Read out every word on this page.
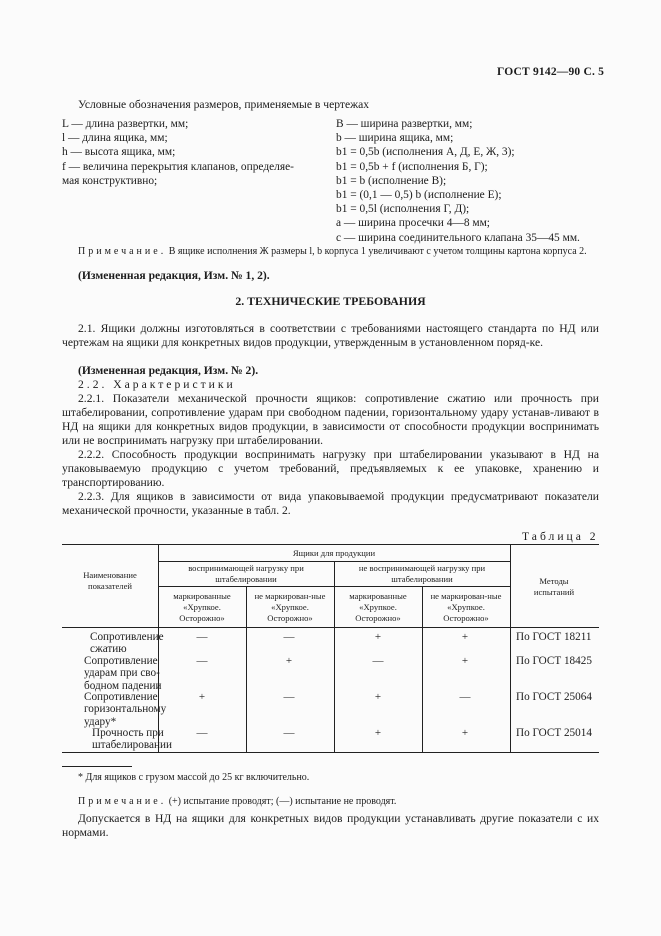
ГОСТ 9142—90 С. 5
Условные обозначения размеров, применяемые в чертежах
L — длина развертки, мм;
l — длина ящика, мм;
h — высота ящика, мм;
f — величина перекрытия клапанов, определяе-
мая конструктивно;
B — ширина развертки, мм;
b — ширина ящика, мм;
b1 = 0,5b (исполнения А, Д, Е, Ж, 3);
b1 = 0,5b + f (исполнения Б, Г);
b1 = b (исполнение В);
b1 = (0,1 — 0,5) b (исполнение Е);
b1 = 0,5l (исполнения Г, Д);
a — ширина просечки 4—8 мм;
c — ширина соединительного клапана 35—45 мм.
Примечание. В ящике исполнения Ж размеры l, b корпуса 1 увеличивают с учетом толщины картона корпуса 2.
(Измененная редакция, Изм. № 1, 2).
2. ТЕХНИЧЕСКИЕ ТРЕБОВАНИЯ
2.1. Ящики должны изготовляться в соответствии с требованиями настоящего стандарта по НД или чертежам на ящики для конкретных видов продукции, утвержденным в установленном поряд-ке.
(Измененная редакция, Изм. № 2).
2.2. Характеристики
2.2.1. Показатели механической прочности ящиков: сопротивление сжатию или прочность при штабелировании, сопротивление ударам при свободном падении, горизонтальному удару устанав-ливают в НД на ящики для конкретных видов продукции, в зависимости от способности продукции воспринимать или не воспринимать нагрузку при штабелировании.
2.2.2. Способность продукции воспринимать нагрузку при штабелировании указывают в НД на упаковываемую продукцию с учетом требований, предъявляемых к ее упаковке, хранению и транспортированию.
2.2.3. Для ящиков в зависимости от вида упаковываемой продукции предусматривают показатели механической прочности, указанные в табл. 2.
Таблица 2
Наименование показателей
Ящики для продукции
воспринимающей нагрузку при штабелировании
не воспринимающей нагрузку при штабелировании
маркированные «Хрупкое. Осторожно»
не маркирован-ные «Хрупкое. Осторожно»
маркированные «Хрупкое. Осторожно»
не маркирован-ные «Хрупкое. Осторожно»
Методы испытаний
Сопротивление
сжатию
—	—	+	+	По ГОСТ 18211
Сопротивление
ударам при сво-
бодном падении
—	+	—	+	По ГОСТ 18425
Сопротивление
горизонтальному
удару*
+	—	+	—	По ГОСТ 25064
Прочность при
штабелировании
—	—	+	+	По ГОСТ 25014
* Для ящиков с грузом массой до 25 кг включительно.
Примечание. (+) испытание проводят; (—) испытание не проводят.
Допускается в НД на ящики для конкретных видов продукции устанавливать другие показатели с их нормами.
